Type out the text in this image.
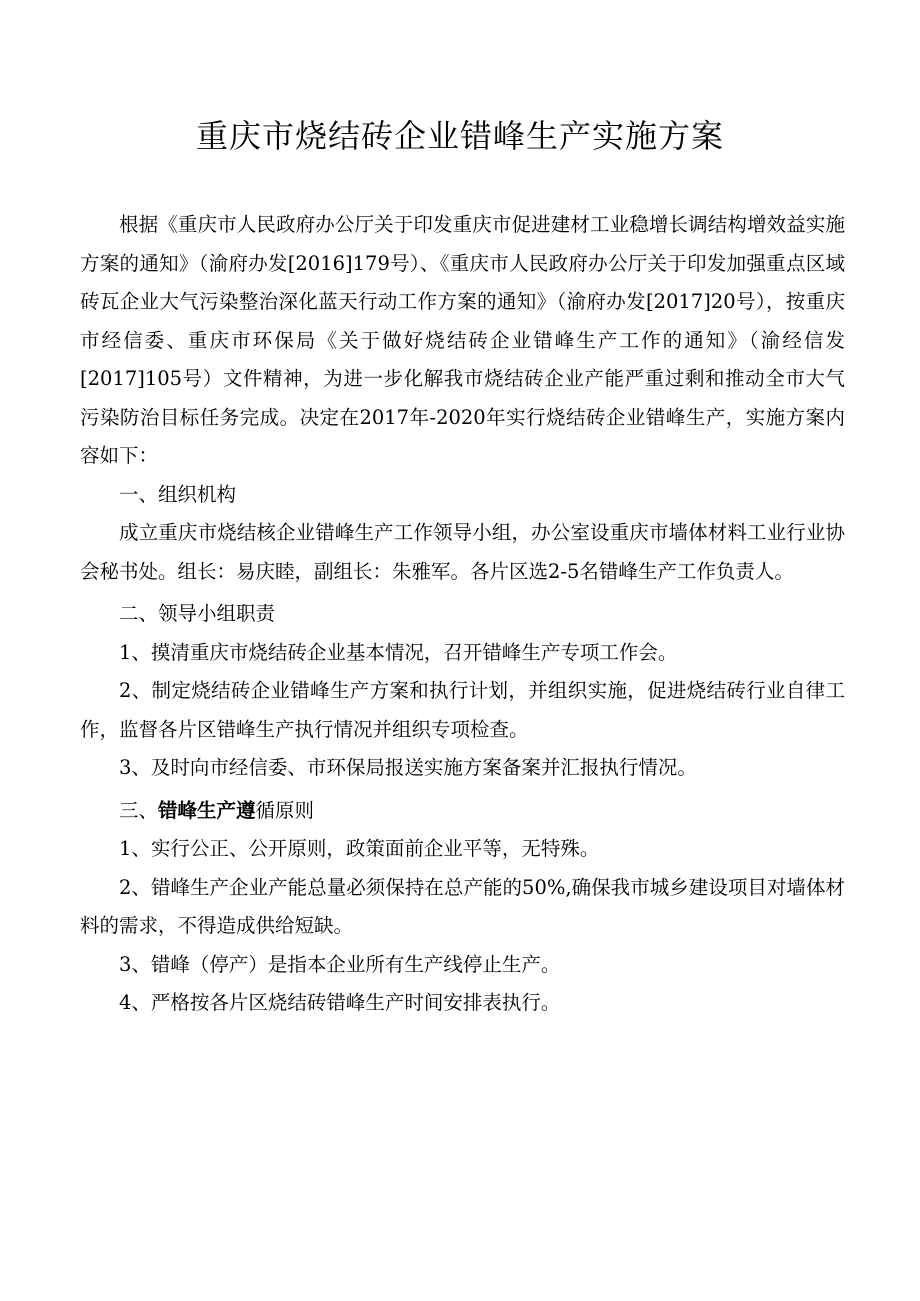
重庆市烧结砖企业错峰生产实施方案

根据《重庆市人民政府办公厅关于印发重庆市促进建材工业稳增长调结构增效益实施方案的通知》（渝府办发[2016]179号）、《重庆市人民政府办公厅关于印发加强重点区域砖瓦企业大气污染整治深化蓝天行动工作方案的通知》（渝府办发[2017]20号），按重庆市经信委、重庆市环保局《关于做好烧结砖企业错峰生产工作的通知》（渝经信发[2017]105号）文件精神，为进一步化解我市烧结砖企业产能严重过剩和推动全市大气污染防治目标任务完成。决定在2017年-2020年实行烧结砖企业错峰生产，实施方案内容如下：

一、组织机构

成立重庆市烧结核企业错峰生产工作领导小组，办公室设重庆市墙体材料工业行业协会秘书处。组长：易庆睦，副组长：朱雅军。各片区选2-5名错峰生产工作负责人。

二、领导小组职责

1、摸清重庆市烧结砖企业基本情况，召开错峰生产专项工作会。

2、制定烧结砖企业错峰生产方案和执行计划，并组织实施，促进烧结砖行业自律工作，监督各片区错峰生产执行情况并组织专项检查。

3、及时向市经信委、市环保局报送实施方案备案并汇报执行情况。

三、错峰生产遵循原则

1、实行公正、公开原则，政策面前企业平等，无特殊。

2、错峰生产企业产能总量必须保持在总产能的50%,确保我市城乡建设项目对墙体材料的需求，不得造成供给短缺。

3、错峰（停产）是指本企业所有生产线停止生产。

4、严格按各片区烧结砖错峰生产时间安排表执行。
